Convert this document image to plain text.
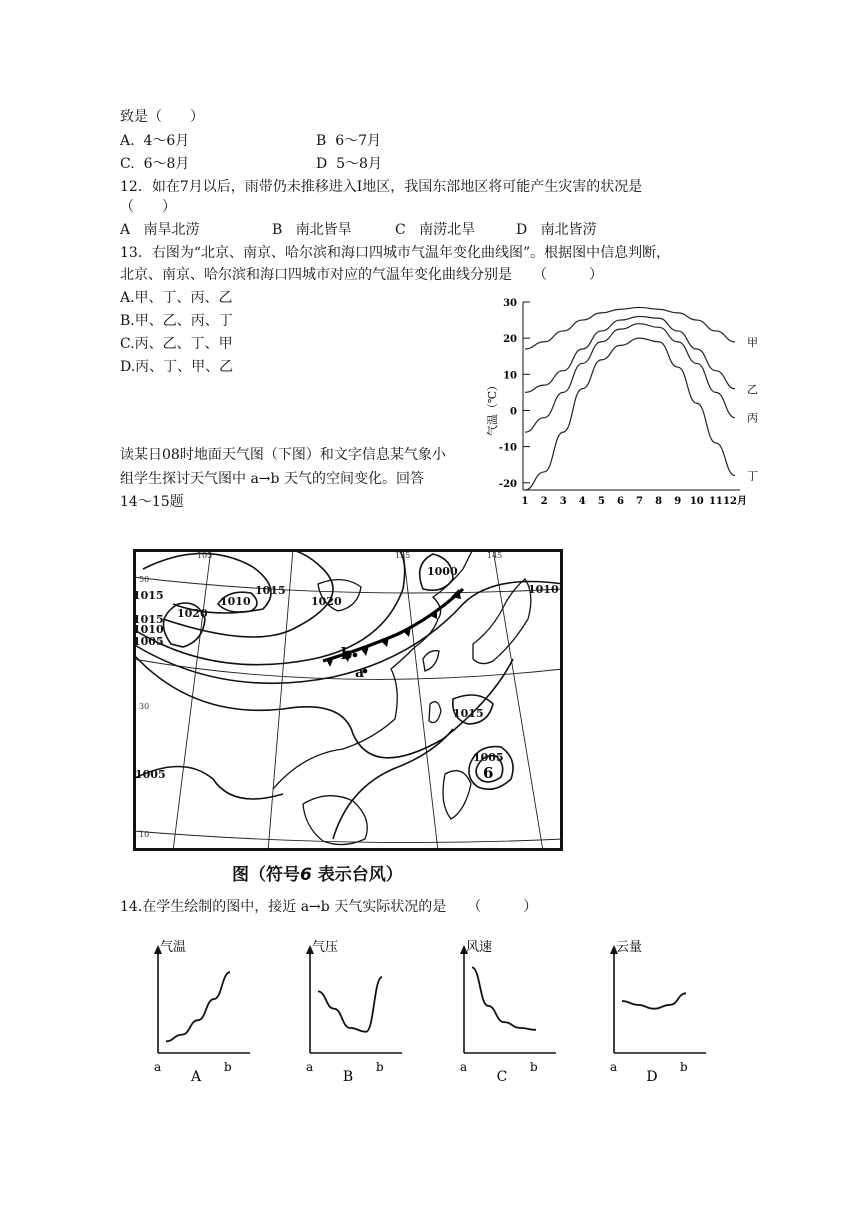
致是（　　）
A. 4～6月	B 6～7月
C. 6～8月	D 5～8月
12．如在7月以后，雨带仍未推移进入Ⅰ地区，我国东部地区将可能产生灾害的状况是
（　　）
A 南旱北涝	B 南北皆旱	C 南涝北旱	D 南北皆涝
13．右图为“北京、南京、哈尔滨和海口四城市气温年变化曲线图”。根据图中信息判断，
北京、南京、哈尔滨和海口四城市对应的气温年变化曲线分别是　　（　　　）
A.甲、丁、丙、乙
B.甲、乙、丙、丁
C.丙、乙、丁、甲
D.丙、丁、甲、乙
-20
-10
0
10
20
30
1 2 3 4 5 6 7 8 9 10 11 12月
甲
乙
丙
丁
气温（℃）
读某日08时地面天气图（下图）和文字信息某气象小
组学生探讨天气图中 a→b 天气的空间变化。回答
14～15题
6
b
a
1015	1010
1015
1020
1015
1010
1005
1020
1000
1010
1015
1005
1005
50
30
10
105	135	145
图（符号6 表示台风）
14.在学生绘制的图中，接近 a→b 天气实际状况的是　　（　　　）
气温
a	b
A
气压
a	b
B
风速
a	b
C
云量
a	b
D
